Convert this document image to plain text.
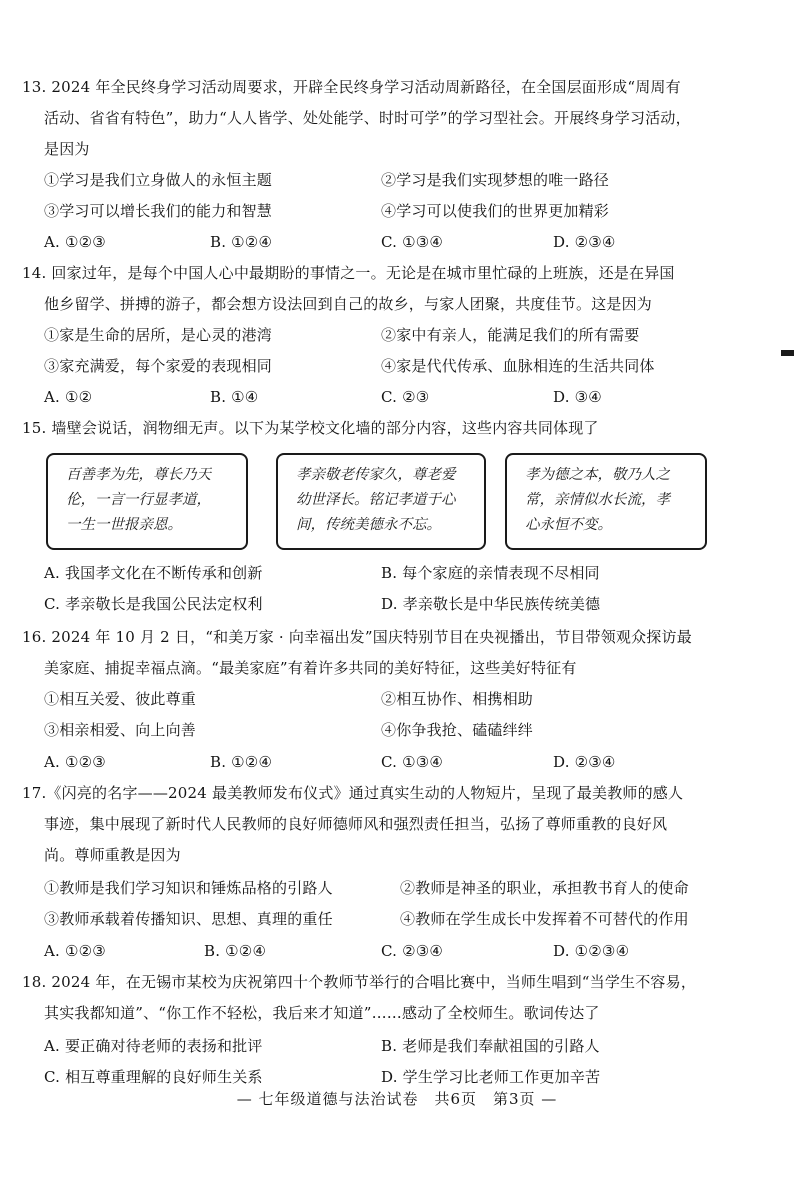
13. 2024 年全民终身学习活动周要求，开辟全民终身学习活动周新路径，在全国层面形成“周周有
活动、省省有特色”，助力“人人皆学、处处能学、时时可学”的学习型社会。开展终身学习活动，
是因为
①学习是我们立身做人的永恒主题	②学习是我们实现梦想的唯一路径
③学习可以增长我们的能力和智慧	④学习可以使我们的世界更加精彩
A. ①②③	B. ①②④	C. ①③④	D. ②③④
14. 回家过年，是每个中国人心中最期盼的事情之一。无论是在城市里忙碌的上班族，还是在异国
他乡留学、拼搏的游子，都会想方设法回到自己的故乡，与家人团聚，共度佳节。这是因为
①家是生命的居所，是心灵的港湾	②家中有亲人，能满足我们的所有需要
③家充满爱，每个家爱的表现相同	④家是代代传承、血脉相连的生活共同体
A. ①②	B. ①④	C. ②③	D. ③④
15. 墙壁会说话，润物细无声。以下为某学校文化墙的部分内容，这些内容共同体现了
百善孝为先，尊长乃天
伦，一言一行显孝道，
一生一世报亲恩。
孝亲敬老传家久，尊老爱
幼世泽长。铭记孝道于心
间，传统美德永不忘。
孝为德之本，敬乃人之
常，亲情似水长流，孝
心永恒不变。
A. 我国孝文化在不断传承和创新	B. 每个家庭的亲情表现不尽相同
C. 孝亲敬长是我国公民法定权利	D. 孝亲敬长是中华民族传统美德
16. 2024 年 10 月 2 日，“和美万家 · 向幸福出发”国庆特别节目在央视播出，节目带领观众探访最
美家庭、捕捉幸福点滴。“最美家庭”有着许多共同的美好特征，这些美好特征有
①相互关爱、彼此尊重	②相互协作、相携相助
③相亲相爱、向上向善	④你争我抢、磕磕绊绊
A. ①②③	B. ①②④	C. ①③④	D. ②③④
17.《闪亮的名字——2024 最美教师发布仪式》通过真实生动的人物短片，呈现了最美教师的感人
事迹，集中展现了新时代人民教师的良好师德师风和强烈责任担当，弘扬了尊师重教的良好风
尚。尊师重教是因为
①教师是我们学习知识和锤炼品格的引路人	②教师是神圣的职业，承担教书育人的使命
③教师承载着传播知识、思想、真理的重任	④教师在学生成长中发挥着不可替代的作用
A. ①②③	B. ①②④	C. ②③④	D. ①②③④
18. 2024 年，在无锡市某校为庆祝第四十个教师节举行的合唱比赛中，当师生唱到“当学生不容易，
其实我都知道”、“你工作不轻松，我后来才知道”……感动了全校师生。歌词传达了
A. 要正确对待老师的表扬和批评	B. 老师是我们奉献祖国的引路人
C. 相互尊重理解的良好师生关系	D. 学生学习比老师工作更加辛苦
— 七年级道德与法治试卷　共6页　第3页 —
